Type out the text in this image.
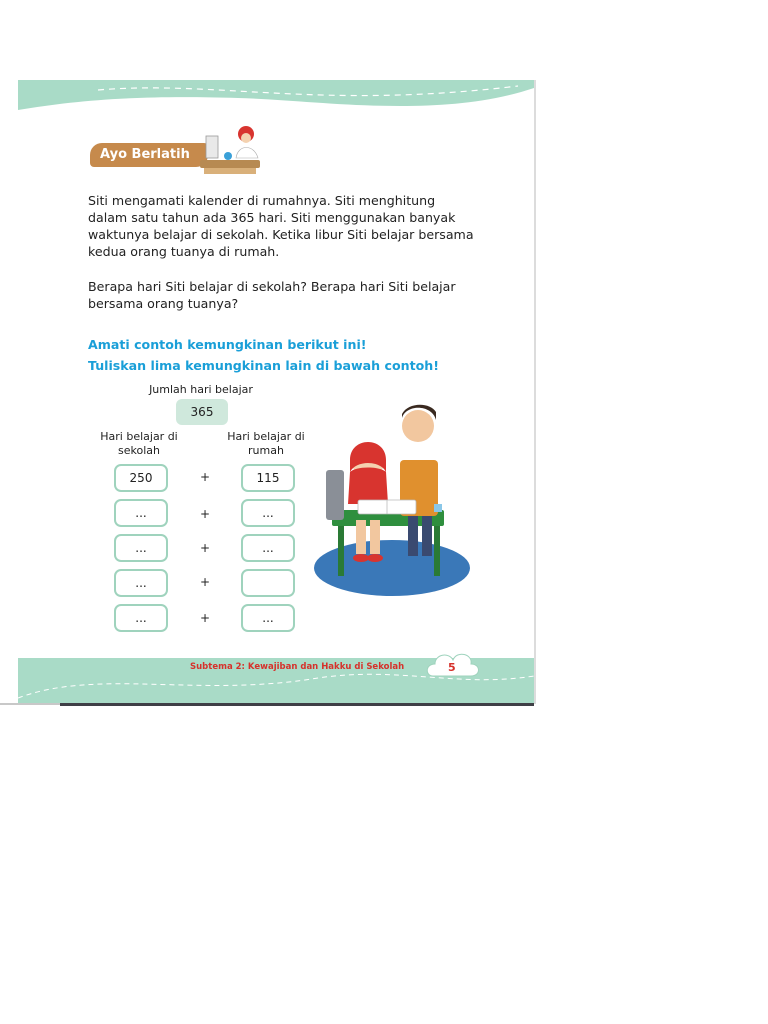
Ayo Berlatih
Siti mengamati kalender di rumahnya. Siti menghitung dalam satu tahun ada 365 hari. Siti menggunakan banyak waktunya belajar di sekolah. Ketika libur Siti belajar bersama kedua orang tuanya di rumah.
Berapa hari Siti belajar di sekolah? Berapa hari Siti belajar bersama orang tuanya?
Amati contoh kemungkinan berikut ini!
Tuliskan lima kemungkinan lain di bawah contoh!
Jumlah hari belajar
365
Hari belajar di sekolah
Hari belajar di rumah
250	+	115
...	+	...
...	+	...
...	+
...	+	...
Subtema 2: Kewajiban dan Hakku di Sekolah	5
